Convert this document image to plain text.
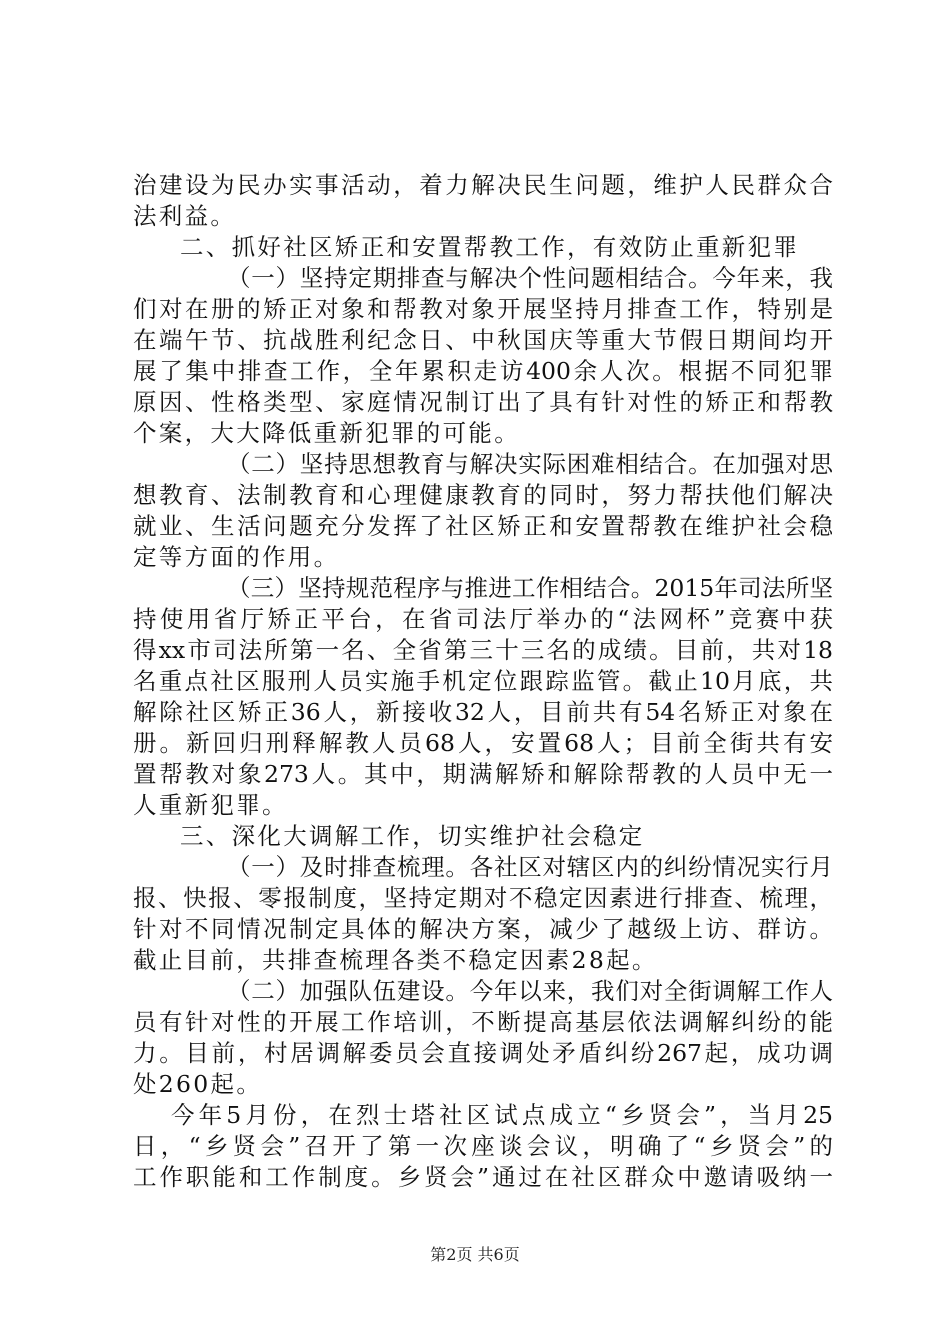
治建设为民办实事活动，着力解决民生问题，维护人民群众合
法利益。
二、抓好社区矫正和安置帮教工作，有效防止重新犯罪
（一）坚持定期排查与解决个性问题相结合。今年来，我
们对在册的矫正对象和帮教对象开展坚持月排查工作，特别是
在端午节、抗战胜利纪念日、中秋国庆等重大节假日期间均开
展了集中排查工作，全年累积走访400余人次。根据不同犯罪
原因、性格类型、家庭情况制订出了具有针对性的矫正和帮教
个案，大大降低重新犯罪的可能。
（二）坚持思想教育与解决实际困难相结合。在加强对思
想教育、法制教育和心理健康教育的同时，努力帮扶他们解决
就业、生活问题充分发挥了社区矫正和安置帮教在维护社会稳
定等方面的作用。
（三）坚持规范程序与推进工作相结合。2015年司法所坚
持使用省厅矫正平台，在省司法厅举办的“法网杯”竞赛中获
得xx市司法所第一名、全省第三十三名的成绩。目前，共对18
名重点社区服刑人员实施手机定位跟踪监管。截止10月底，共
解除社区矫正36人，新接收32人，目前共有54名矫正对象在
册。新回归刑释解教人员68人，安置68人；目前全街共有安
置帮教对象273人。其中，期满解矫和解除帮教的人员中无一
人重新犯罪。
三、深化大调解工作，切实维护社会稳定
（一）及时排查梳理。各社区对辖区内的纠纷情况实行月
报、快报、零报制度，坚持定期对不稳定因素进行排查、梳理，
针对不同情况制定具体的解决方案，减少了越级上访、群访。
截止目前，共排查梳理各类不稳定因素28起。
（二）加强队伍建设。今年以来，我们对全街调解工作人
员有针对性的开展工作培训，不断提高基层依法调解纠纷的能
力。目前，村居调解委员会直接调处矛盾纠纷267起，成功调
处260起。
今年5月份，在烈士塔社区试点成立“乡贤会”，当月25
日，“乡贤会”召开了第一次座谈会议，明确了“乡贤会”的
工作职能和工作制度。乡贤会”通过在社区群众中邀请吸纳一
第2页 共6页
